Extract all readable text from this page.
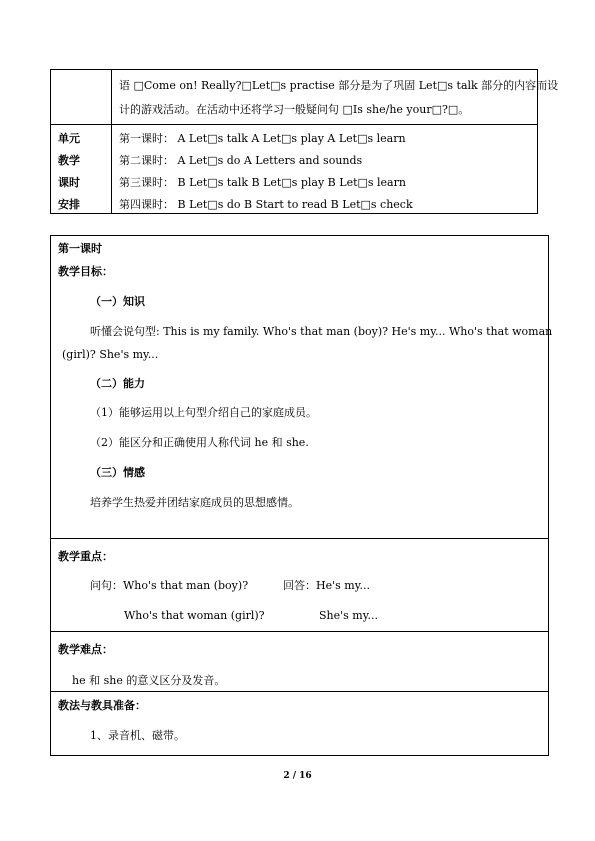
语 □Come on! Really?□Let□s practise 部分是为了巩固 Let□s talk 部分的内容而设
计的游戏活动。在活动中还将学习一般疑问句 □Is she/he your□?□。
单元
教学
课时
安排
第一课时： A Let□s talk A Let□s play A Let□s learn
第二课时： A Let□s do A Letters and sounds
第三课时： B Let□s talk B Let□s play B Let□s learn
第四课时： B Let□s do B Start to read B Let□s check
第一课时
教学目标：
（一）知识
听懂会说句型: This is my family. Who's that man (boy)? He's my... Who's that woman
(girl)? She's my...
（二）能力
（1）能够运用以上句型介绍自己的家庭成员。
（2）能区分和正确使用人称代词 he 和 she.
（三）情感
培养学生热爱并团结家庭成员的思想感情。
教学重点：
问句：Who's that man (boy)?	回答：He's my...
Who's that woman (girl)?	She's my...
教学难点：
he 和 she 的意义区分及发音。
教法与教具准备：
1、录音机、磁带。
2 / 16
